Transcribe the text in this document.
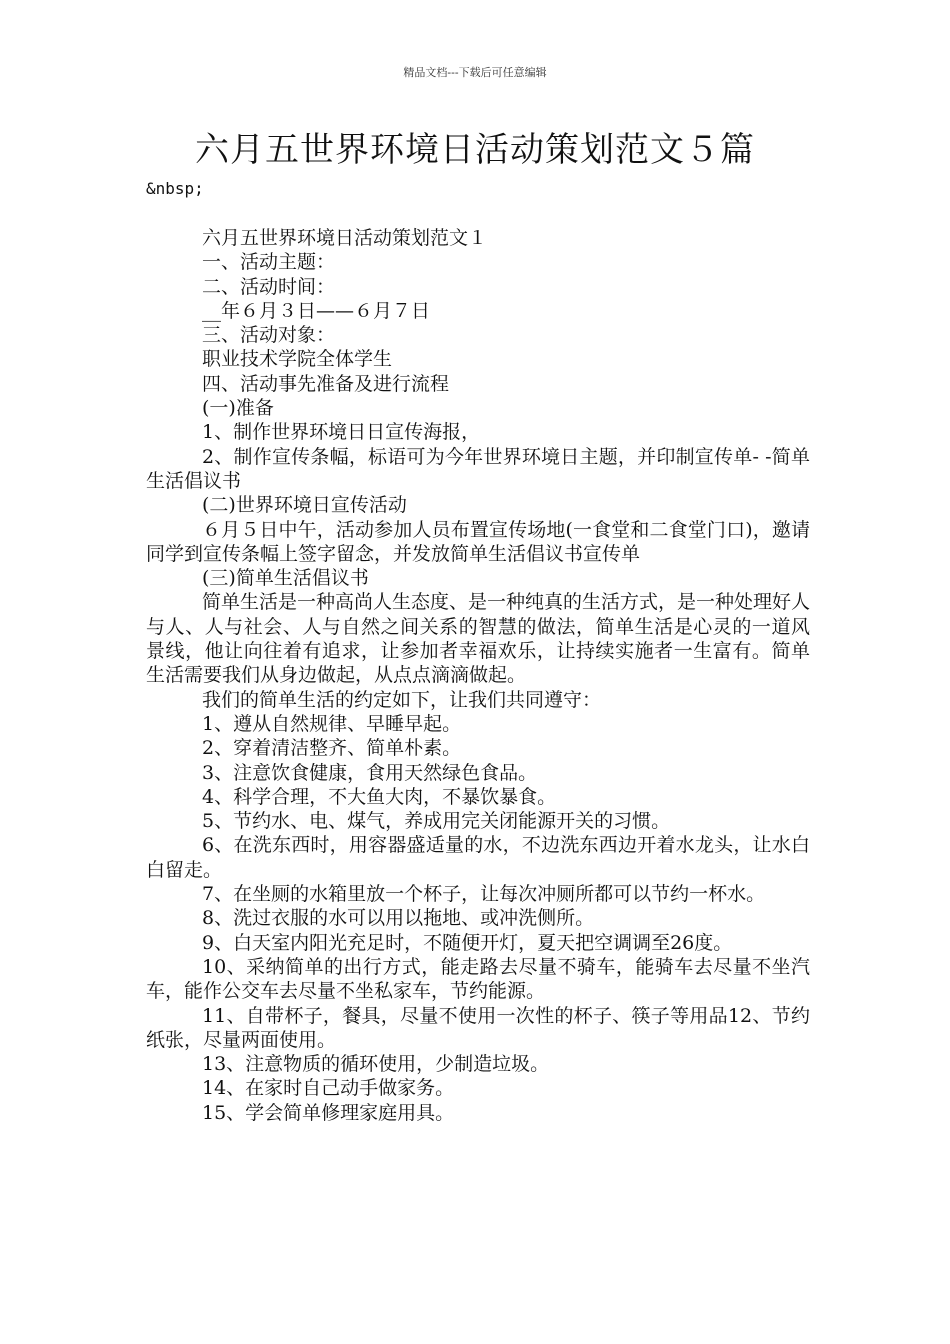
精品文档---下载后可任意编辑
六月五世界环境日活动策划范文５篇
&nbsp;

六月五世界环境日活动策划范文１

一、活动主题：

二、活动时间：

__年６月３日——６月７日

三、活动对象：

职业技术学院全体学生

四、活动事先准备及进行流程

(一)准备

1、制作世界环境日日宣传海报，

2、制作宣传条幅，标语可为今年世界环境日主题，并印制宣传单- -简单生活倡议书

(二)世界环境日宣传活动

６月５日中午，活动参加人员布置宣传场地(一食堂和二食堂门口)，邀请同学到宣传条幅上签字留念，并发放简单生活倡议书宣传单

(三)简单生活倡议书

简单生活是一种高尚人生态度、是一种纯真的生活方式，是一种处理好人与人、人与社会、人与自然之间关系的智慧的做法，简单生活是心灵的一道风景线，他让向往着有追求，让参加者幸福欢乐，让持续实施者一生富有。简单生活需要我们从身边做起，从点点滴滴做起。

我们的简单生活的约定如下，让我们共同遵守：

1、遵从自然规律、早睡早起。

2、穿着清洁整齐、简单朴素。

3、注意饮食健康，食用天然绿色食品。

4、科学合理，不大鱼大肉，不暴饮暴食。

5、节约水、电、煤气，养成用完关闭能源开关的习惯。

6、在洗东西时，用容器盛适量的水，不边洗东西边开着水龙头，让水白白留走。

7、在坐厕的水箱里放一个杯子，让每次冲厕所都可以节约一杯水。

8、洗过衣服的水可以用以拖地、或冲洗侧所。

9、白天室内阳光充足时，不随便开灯，夏天把空调调至26度。

10、采纳简单的出行方式，能走路去尽量不骑车，能骑车去尽量不坐汽车，能作公交车去尽量不坐私家车，节约能源。

11、自带杯子，餐具，尽量不使用一次性的杯子、筷子等用品12、节约纸张，尽量两面使用。

13、注意物质的循环使用，少制造垃圾。

14、在家时自己动手做家务。

15、学会简单修理家庭用具。
